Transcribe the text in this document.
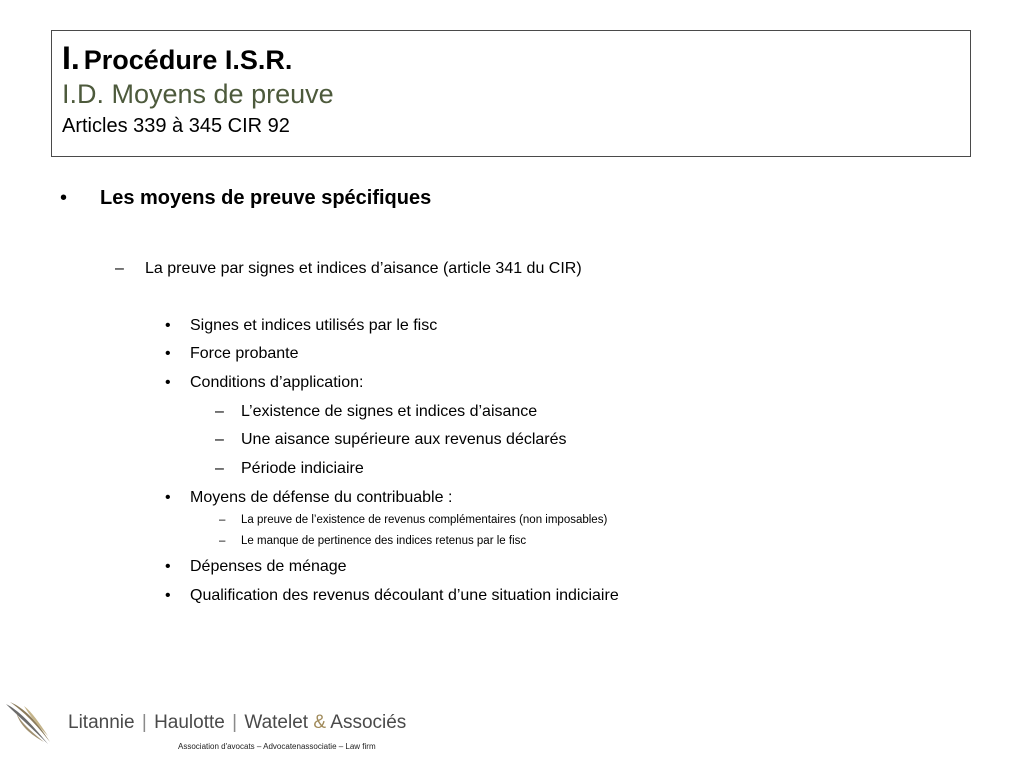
I. Procédure I.S.R.
I.D. Moyens de preuve
Articles 339 à 345 CIR 92
• Les moyens de preuve spécifiques
– La preuve par signes et indices d’aisance (article 341 du CIR)
• Signes et indices utilisés par le fisc
• Force probante
• Conditions d’application:
– L’existence de signes et indices d’aisance
– Une aisance supérieure aux revenus déclarés
– Période indiciaire
• Moyens de défense du contribuable :
– La preuve de l’existence de revenus complémentaires (non imposables)
– Le manque de pertinence des indices retenus par le fisc
• Dépenses de ménage
• Qualification des revenus découlant d’une situation indiciaire
Litannie | Haulotte | Watelet & Associés
Association d'avocats – Advocatenassociatie – Law firm
